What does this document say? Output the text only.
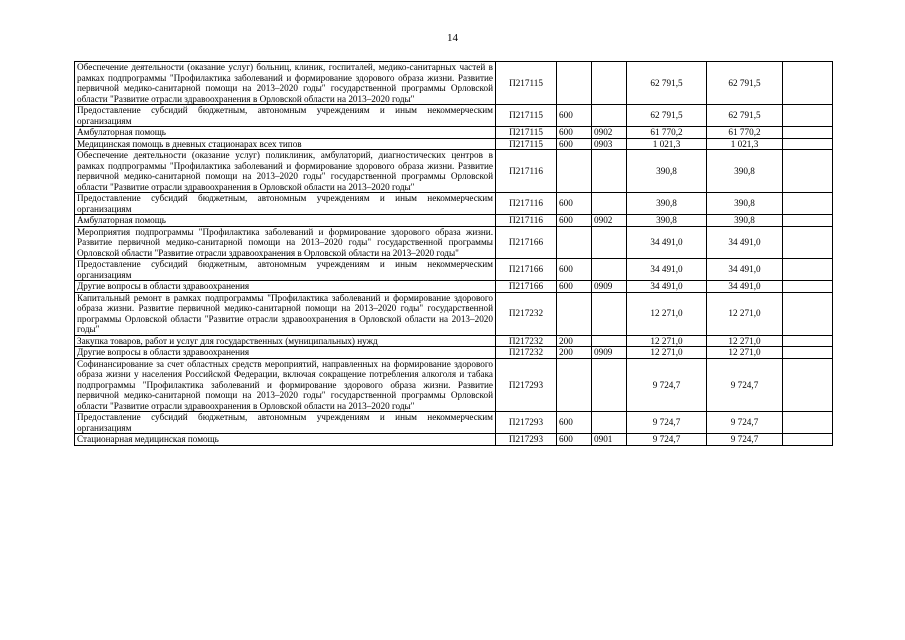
14
Обеспечение деятельности (оказание услуг) больниц, клиник, госпиталей, медико-санитарных частей в рамках подпрограммы "Профилактика заболеваний и формирование здорового образа жизни. Развитие первичной медико-санитарной помощи на 2013–2020 годы" государственной программы Орловской области "Развитие отрасли здравоохранения в Орловской области на 2013–2020 годы"	П217115			62 791,5	62 791,5	
Предоставление субсидий бюджетным, автономным учреждениям и иным некоммерческим организациям	П217115	600		62 791,5	62 791,5	
Амбулаторная помощь	П217115	600	0902	61 770,2	61 770,2	
Медицинская помощь в дневных стационарах всех типов	П217115	600	0903	1 021,3	1 021,3	
Обеспечение деятельности (оказание услуг) поликлиник, амбулаторий, диагностических центров в рамках подпрограммы "Профилактика заболеваний и формирование здорового образа жизни. Развитие первичной медико-санитарной помощи на 2013–2020 годы" государственной программы Орловской области "Развитие отрасли здравоохранения в Орловской области на 2013–2020 годы"	П217116			390,8	390,8	
Предоставление субсидий бюджетным, автономным учреждениям и иным некоммерческим организациям	П217116	600		390,8	390,8	
Амбулаторная помощь	П217116	600	0902	390,8	390,8	
Мероприятия подпрограммы "Профилактика заболеваний и формирование здорового образа жизни. Развитие первичной медико-санитарной помощи на 2013–2020 годы" государственной программы Орловской области "Развитие отрасли здравоохранения в Орловской области на 2013–2020 годы"	П217166			34 491,0	34 491,0	
Предоставление субсидий бюджетным, автономным учреждениям и иным некоммерческим организациям	П217166	600		34 491,0	34 491,0	
Другие вопросы в области здравоохранения	П217166	600	0909	34 491,0	34 491,0	
Капитальный ремонт в рамках подпрограммы "Профилактика заболеваний и формирование здорового образа жизни. Развитие первичной медико-санитарной помощи на 2013–2020 годы" государственной программы Орловской области "Развитие отрасли здравоохранения в Орловской области на 2013–2020 годы"	П217232			12 271,0	12 271,0	
Закупка товаров, работ и услуг для государственных (муниципальных) нужд	П217232	200		12 271,0	12 271,0	
Другие вопросы в области здравоохранения	П217232	200	0909	12 271,0	12 271,0	
Софинансирование за счет областных средств мероприятий, направленных на формирование здорового образа жизни у населения Российской Федерации, включая сокращение потребления алкоголя и табака подпрограммы "Профилактика заболеваний и формирование здорового образа жизни. Развитие первичной медико-санитарной помощи на 2013–2020 годы" государственной программы Орловской области "Развитие отрасли здравоохранения в Орловской области на 2013–2020 годы"	П217293			9 724,7	9 724,7	
Предоставление субсидий бюджетным, автономным учреждениям и иным некоммерческим организациям	П217293	600		9 724,7	9 724,7	
Стационарная медицинская помощь	П217293	600	0901	9 724,7	9 724,7	
